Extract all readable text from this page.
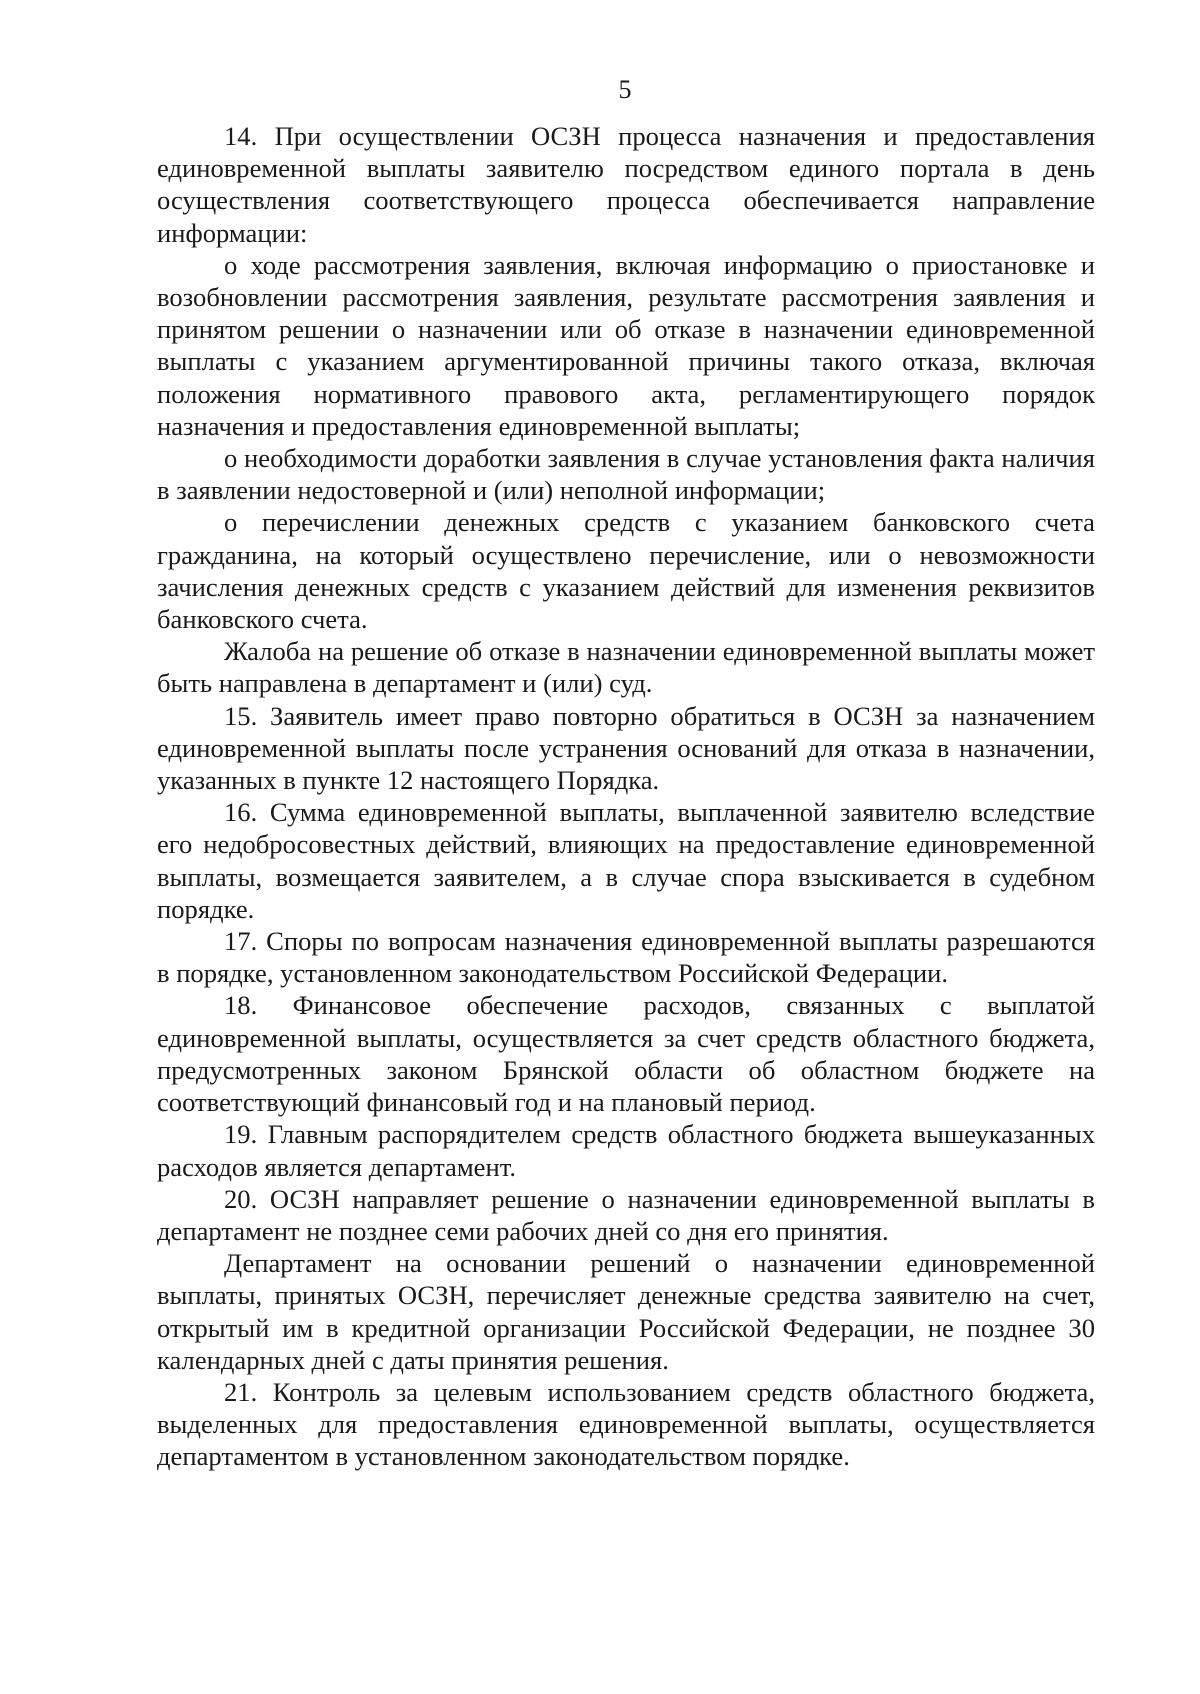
5

14. При осуществлении ОСЗН процесса назначения и предоставления единовременной выплаты заявителю посредством единого портала в день осуществления соответствующего процесса обеспечивается направление информации:

о ходе рассмотрения заявления, включая информацию о приостановке и возобновлении рассмотрения заявления, результате рассмотрения заявления и принятом решении о назначении или об отказе в назначении единовременной выплаты с указанием аргументированной причины такого отказа, включая положения нормативного правового акта, регламентирующего порядок назначения и предоставления единовременной выплаты;

о необходимости доработки заявления в случае установления факта наличия в заявлении недостоверной и (или) неполной информации;

о перечислении денежных средств с указанием банковского счета гражданина, на который осуществлено перечисление, или о невозможности зачисления денежных средств с указанием действий для изменения реквизитов банковского счета.

Жалоба на решение об отказе в назначении единовременной выплаты может быть направлена в департамент и (или) суд.

15. Заявитель имеет право повторно обратиться в ОСЗН за назначением единовременной выплаты после устранения оснований для отказа в назначении, указанных в пункте 12 настоящего Порядка.

16. Сумма единовременной выплаты, выплаченной заявителю вследствие его недобросовестных действий, влияющих на предоставление единовременной выплаты, возмещается заявителем, а в случае спора взыскивается в судебном порядке.

17. Споры по вопросам назначения единовременной выплаты разрешаются в порядке, установленном законодательством Российской Федерации.

18. Финансовое обеспечение расходов, связанных с выплатой единовременной выплаты, осуществляется за счет средств областного бюджета, предусмотренных законом Брянской области об областном бюджете на соответствующий финансовый год и на плановый период.

19. Главным распорядителем средств областного бюджета вышеуказанных расходов является департамент.

20. ОСЗН направляет решение о назначении единовременной выплаты в департамент не позднее семи рабочих дней со дня его принятия.

Департамент на основании решений о назначении единовременной выплаты, принятых ОСЗН, перечисляет денежные средства заявителю на счет, открытый им в кредитной организации Российской Федерации, не позднее 30 календарных дней с даты принятия решения.

21. Контроль за целевым использованием средств областного бюджета, выделенных для предоставления единовременной выплаты, осуществляется департаментом в установленном законодательством порядке.
